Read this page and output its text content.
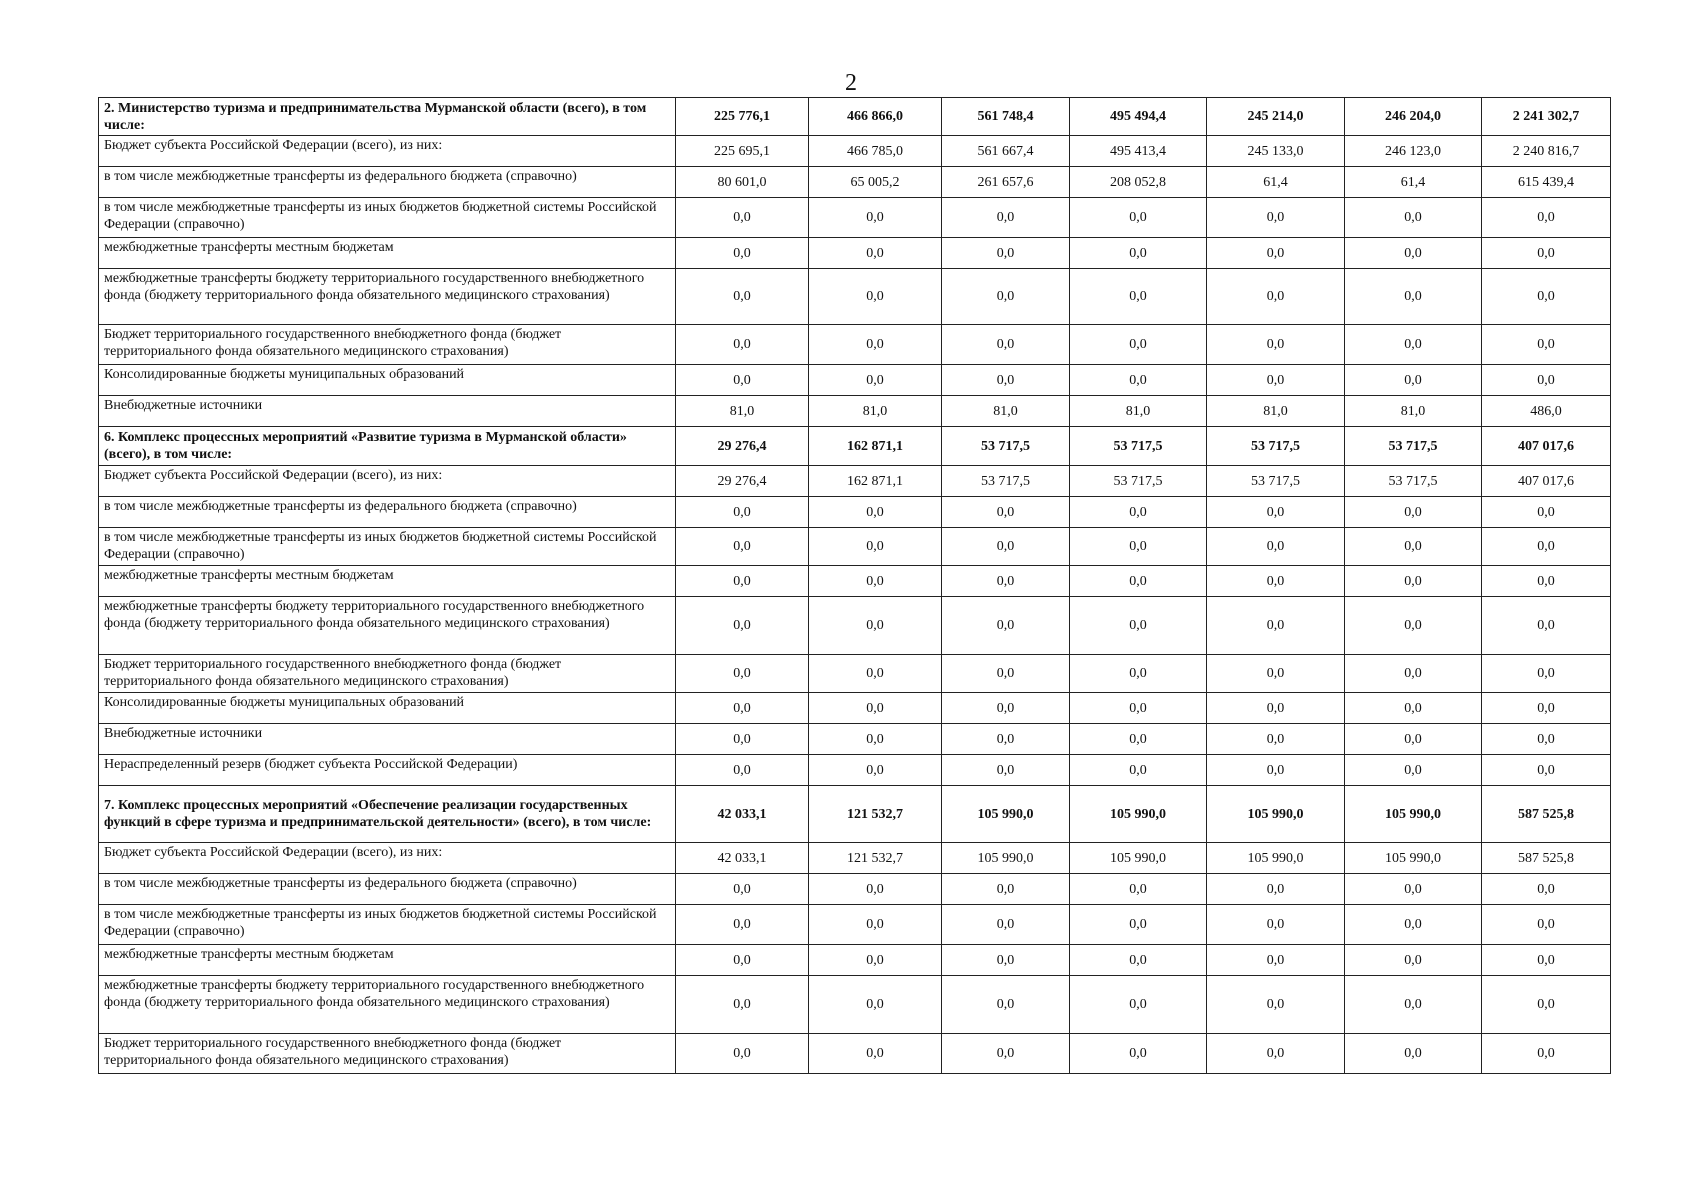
2
2. Министерство туризма и предпринимательства Мурманской области (всего), в том числе:	225 776,1	466 866,0	561 748,4	495 494,4	245 214,0	246 204,0	2 241 302,7

Бюджет субъекта Российской Федерации (всего), из них:	225 695,1	466 785,0	561 667,4	495 413,4	245 133,0	246 123,0	2 240 816,7

в том числе межбюджетные трансферты из федерального бюджета (справочно)	80 601,0	65 005,2	261 657,6	208 052,8	61,4	61,4	615 439,4

в том числе межбюджетные трансферты из иных бюджетов бюджетной системы Российской Федерации (справочно)	0,0	0,0	0,0	0,0	0,0	0,0	0,0

межбюджетные трансферты местным бюджетам	0,0	0,0	0,0	0,0	0,0	0,0	0,0

межбюджетные трансферты бюджету территориального государственного внебюджетного фонда (бюджету территориального фонда обязательного медицинского страхования)	0,0	0,0	0,0	0,0	0,0	0,0	0,0

Бюджет территориального государственного внебюджетного фонда (бюджет территориального фонда обязательного медицинского страхования)	0,0	0,0	0,0	0,0	0,0	0,0	0,0

Консолидированные бюджеты муниципальных образований	0,0	0,0	0,0	0,0	0,0	0,0	0,0

Внебюджетные источники	81,0	81,0	81,0	81,0	81,0	81,0	486,0

6. Комплекс процессных мероприятий «Развитие туризма в Мурманской области» (всего), в том числе:	29 276,4	162 871,1	53 717,5	53 717,5	53 717,5	53 717,5	407 017,6

Бюджет субъекта Российской Федерации (всего), из них:	29 276,4	162 871,1	53 717,5	53 717,5	53 717,5	53 717,5	407 017,6

в том числе межбюджетные трансферты из федерального бюджета (справочно)	0,0	0,0	0,0	0,0	0,0	0,0	0,0

в том числе межбюджетные трансферты из иных бюджетов бюджетной системы Российской Федерации (справочно)	0,0	0,0	0,0	0,0	0,0	0,0	0,0

межбюджетные трансферты местным бюджетам	0,0	0,0	0,0	0,0	0,0	0,0	0,0

межбюджетные трансферты бюджету территориального государственного внебюджетного фонда (бюджету территориального фонда обязательного медицинского страхования)	0,0	0,0	0,0	0,0	0,0	0,0	0,0

Бюджет территориального государственного внебюджетного фонда (бюджет территориального фонда обязательного медицинского страхования)	0,0	0,0	0,0	0,0	0,0	0,0	0,0

Консолидированные бюджеты муниципальных образований	0,0	0,0	0,0	0,0	0,0	0,0	0,0

Внебюджетные источники	0,0	0,0	0,0	0,0	0,0	0,0	0,0

Нераспределенный резерв (бюджет субъекта Российской Федерации)	0,0	0,0	0,0	0,0	0,0	0,0	0,0

7. Комплекс процессных мероприятий «Обеспечение реализации государственных функций в сфере туризма и предпринимательской деятельности» (всего), в том числе:	42 033,1	121 532,7	105 990,0	105 990,0	105 990,0	105 990,0	587 525,8

Бюджет субъекта Российской Федерации (всего), из них:	42 033,1	121 532,7	105 990,0	105 990,0	105 990,0	105 990,0	587 525,8

в том числе межбюджетные трансферты из федерального бюджета (справочно)	0,0	0,0	0,0	0,0	0,0	0,0	0,0

в том числе межбюджетные трансферты из иных бюджетов бюджетной системы Российской Федерации (справочно)	0,0	0,0	0,0	0,0	0,0	0,0	0,0

межбюджетные трансферты местным бюджетам	0,0	0,0	0,0	0,0	0,0	0,0	0,0

межбюджетные трансферты бюджету территориального государственного внебюджетного фонда (бюджету территориального фонда обязательного медицинского страхования)	0,0	0,0	0,0	0,0	0,0	0,0	0,0

Бюджет территориального государственного внебюджетного фонда (бюджет территориального фонда обязательного медицинского страхования)	0,0	0,0	0,0	0,0	0,0	0,0	0,0
